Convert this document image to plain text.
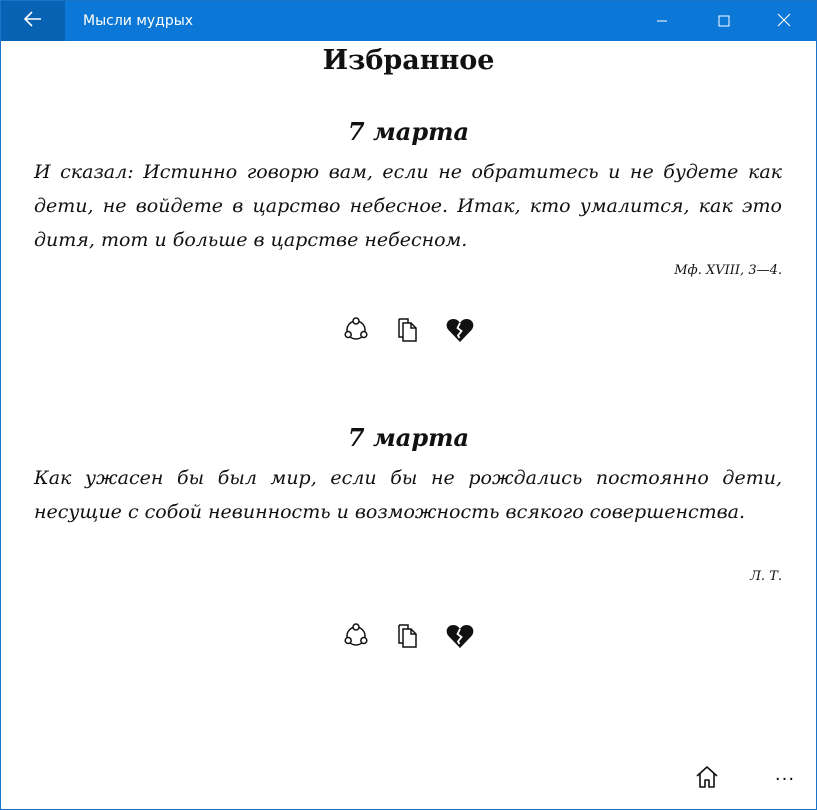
Мысли мудрых
Избранное
7 марта
И сказал: Истинно говорю вам, если не обратитесь и не будете как дети, не войдете в царство небесное. Итак, кто умалится, как это дитя, тот и больше в царстве небесном.
Мф. XVIII, 3—4.
7 марта
Как ужасен бы был мир, если бы не рождались постоянно дети, несущие с собой невинность и возможность всякого совершенства.
Л. Т.
···
